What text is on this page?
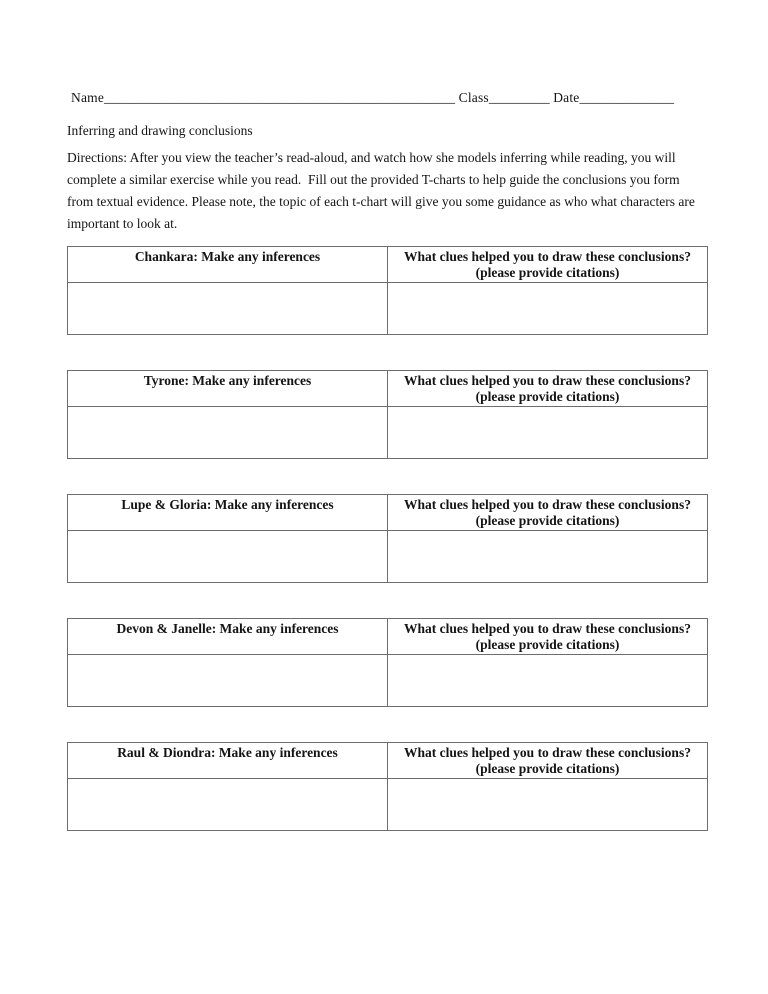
Name____________________________________________________ Class_________ Date______________
Inferring and drawing conclusions
Directions: After you view the teacher’s read-aloud, and watch how she models inferring while reading, you will complete a similar exercise while you read.  Fill out the provided T-charts to help guide the conclusions you form from textual evidence. Please note, the topic of each t-chart will give you some guidance as who what characters are important to look at.
Chankara: Make any inferences	What clues helped you to draw these conclusions? (please provide citations)

Tyrone: Make any inferences	What clues helped you to draw these conclusions? (please provide citations)

Lupe & Gloria: Make any inferences	What clues helped you to draw these conclusions? (please provide citations)

Devon & Janelle: Make any inferences	What clues helped you to draw these conclusions? (please provide citations)

Raul & Diondra: Make any inferences	What clues helped you to draw these conclusions? (please provide citations)
